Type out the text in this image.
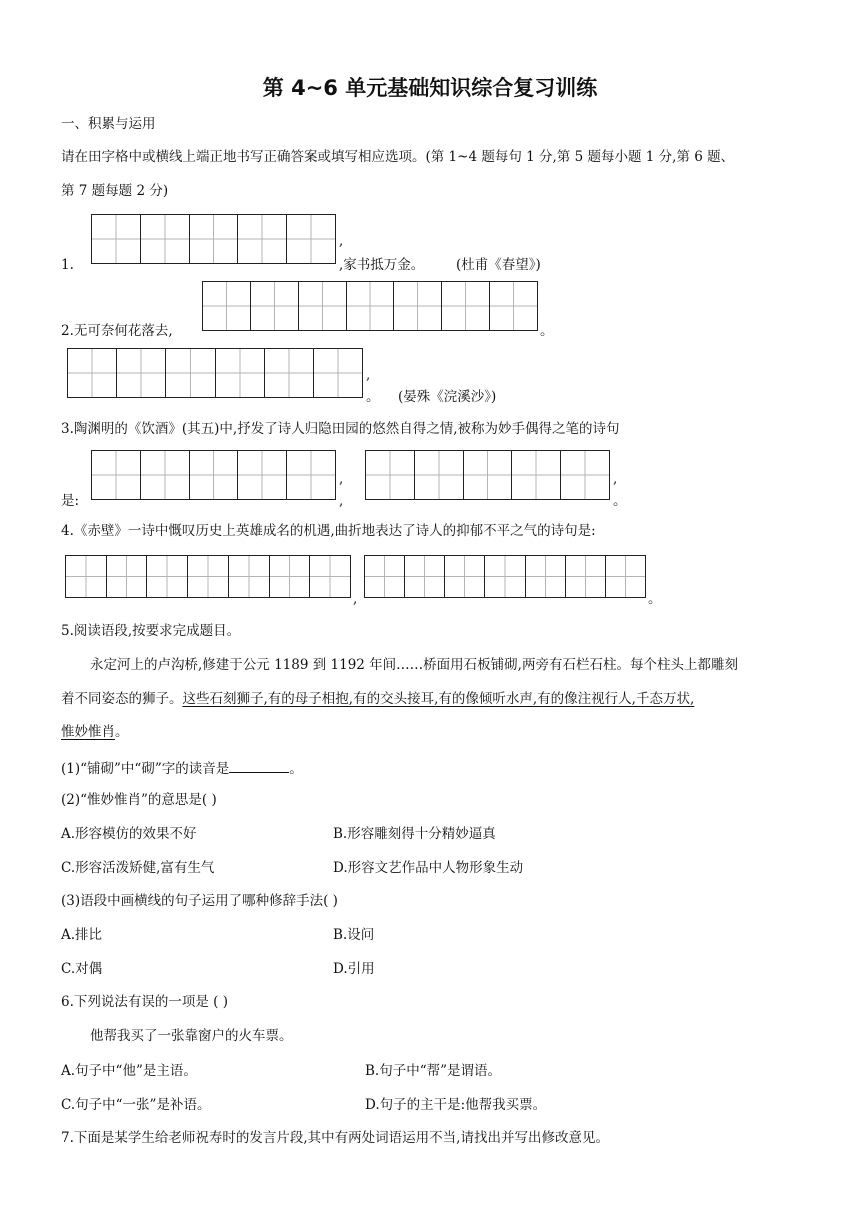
第 4~6 单元基础知识综合复习训练
一、积累与运用
请在田字格中或横线上端正地书写正确答案或填写相应选项。(第 1~4 题每句 1 分,第 5 题每小题 1 分,第 6 题、
第 7 题每题 2 分)
,
1.	,家书抵万金。 (杜甫《春望》)
2.无可奈何花落去,	。
,
。 (晏殊《浣溪沙》)
3.陶渊明的《饮酒》(其五)中,抒发了诗人归隐田园的悠然自得之情,被称为妙手偶得之笔的诗句
是:
,
,
,
。
4.《赤壁》一诗中慨叹历史上英雄成名的机遇,曲折地表达了诗人的抑郁不平之气的诗句是:
,	。
5.阅读语段,按要求完成题目。
永定河上的卢沟桥,修建于公元 1189 到 1192 年间……桥面用石板铺砌,两旁有石栏石柱。每个柱头上都雕刻
着不同姿态的狮子。这些石刻狮子,有的母子相抱,有的交头接耳,有的像倾听水声,有的像注视行人,千态万状,
惟妙惟肖。
(1)“铺砌”中“砌”字的读音是	。
(2)“惟妙惟肖”的意思是( )
A.形容模仿的效果不好	B.形容雕刻得十分精妙逼真
C.形容活泼矫健,富有生气	D.形容文艺作品中人物形象生动
(3)语段中画横线的句子运用了哪种修辞手法( )
A.排比	B.设问
C.对偶	D.引用
6.下列说法有误的一项是 ( )
他帮我买了一张靠窗户的火车票。
A.句子中“他”是主语。	B.句子中“帮”是谓语。
C.句子中“一张”是补语。	D.句子的主干是:他帮我买票。
7.下面是某学生给老师祝寿时的发言片段,其中有两处词语运用不当,请找出并写出修改意见。
